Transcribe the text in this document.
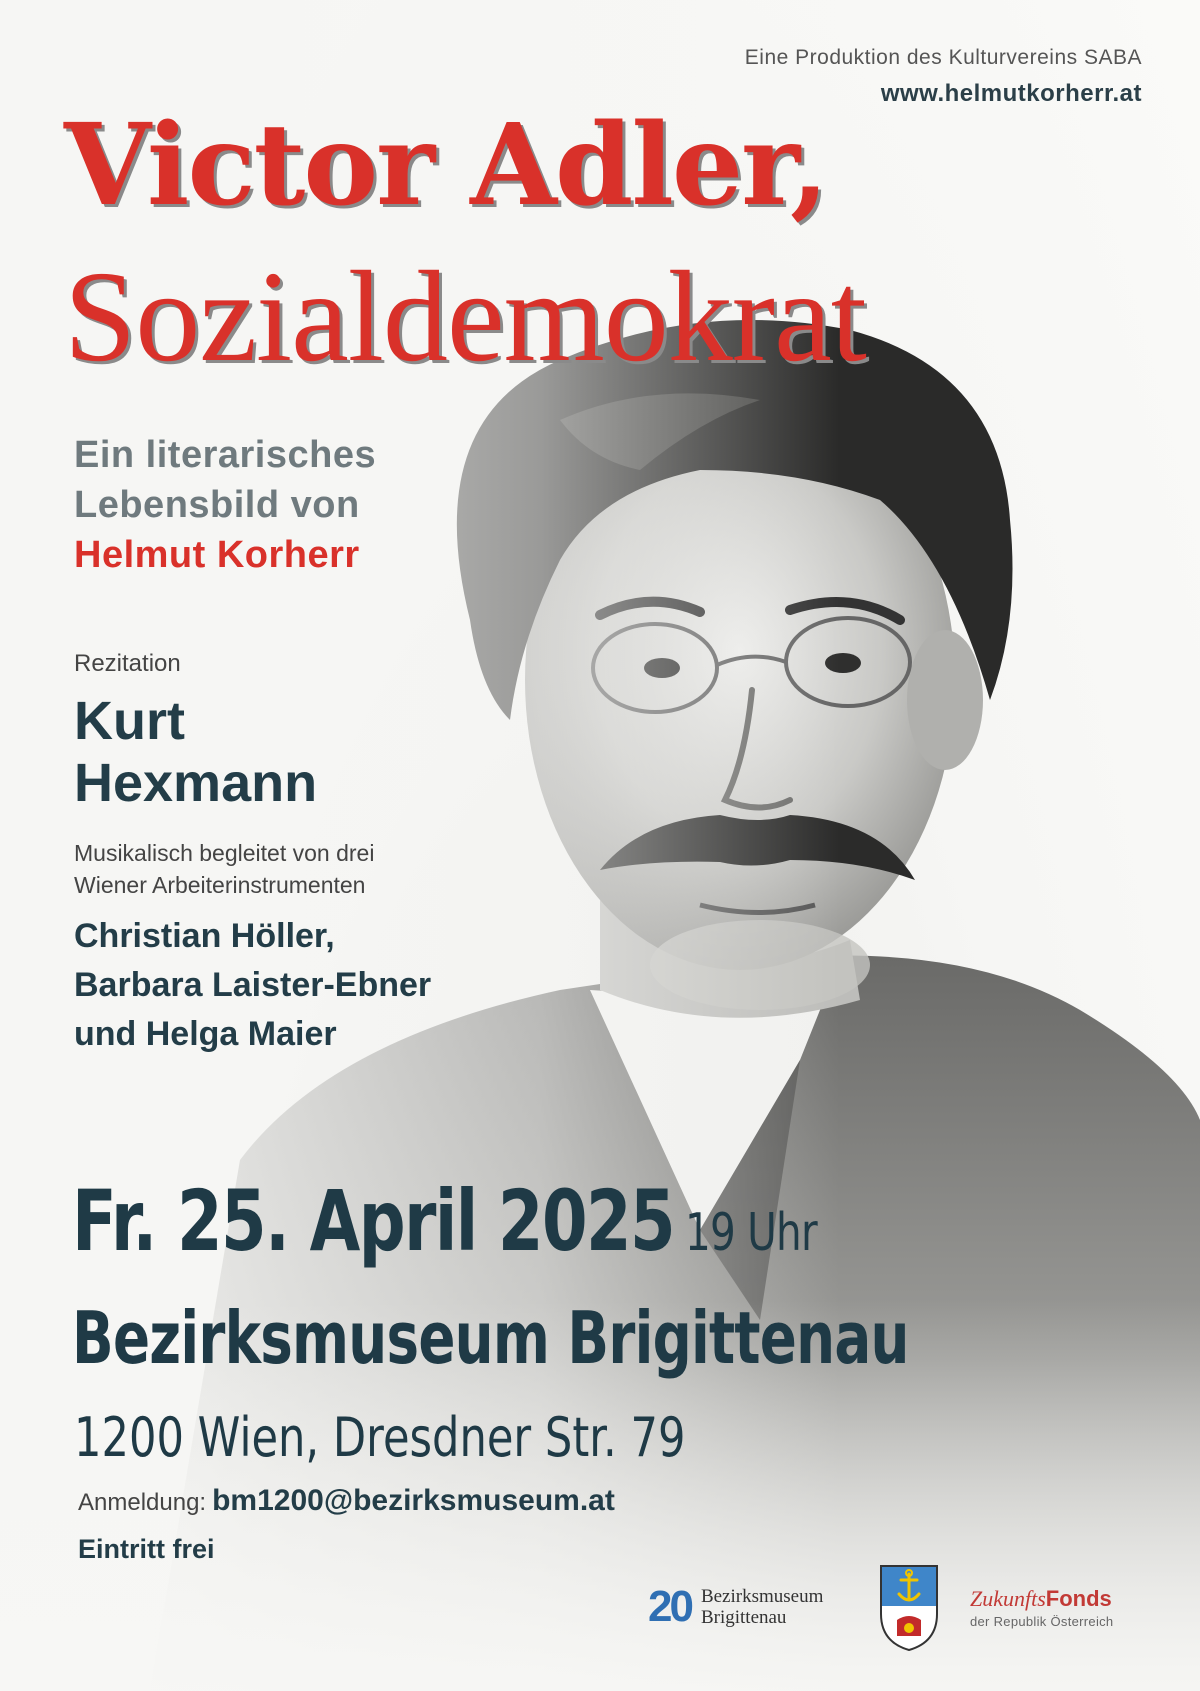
Eine Produktion des Kulturvereins SABA
www.helmutkorherr.at
Victor Adler,
Sozialdemokrat
Ein literarisches
Lebensbild von
Helmut Korherr
Rezitation
Kurt
Hexmann
Musikalisch begleitet von drei
Wiener Arbeiterinstrumenten
Christian Höller,
Barbara Laister-Ebner
und Helga Maier
Fr. 25. April 2025 19 Uhr
Bezirksmuseum Brigittenau
1200 Wien, Dresdner Str. 79
Anmeldung: bm1200@bezirksmuseum.at
Eintritt frei
20 Bezirksmuseum
Brigittenau
ZukunftsFonds
der Republik Österreich
